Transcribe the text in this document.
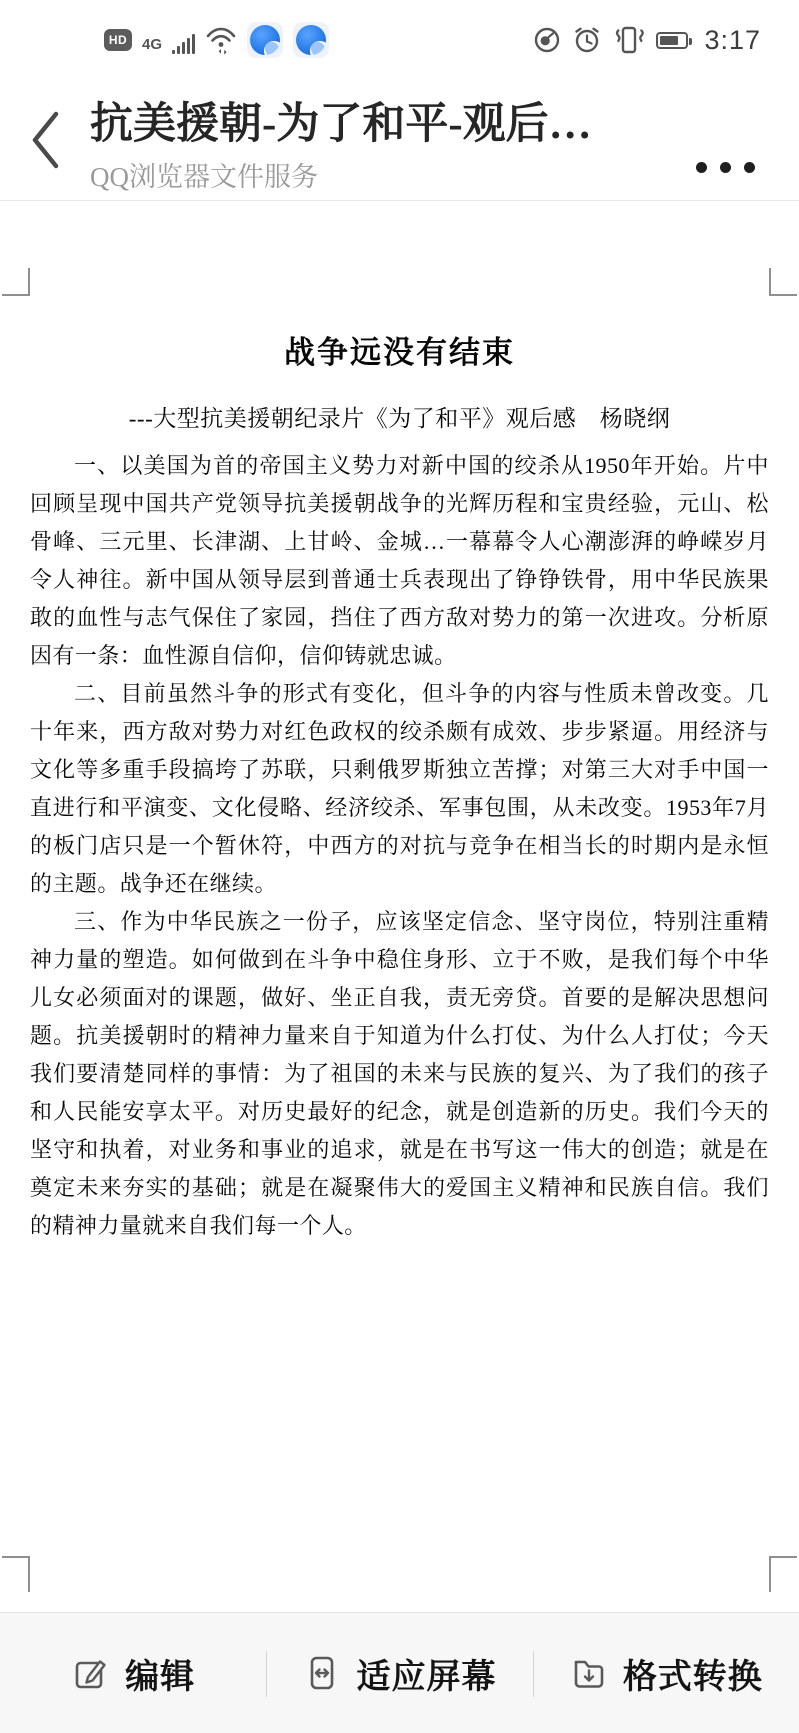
HD 4G	3:17
抗美援朝-为了和平-观后…
QQ浏览器文件服务
战争远没有结束
---大型抗美援朝纪录片《为了和平》观后感　杨晓纲

一、以美国为首的帝国主义势力对新中国的绞杀从1950年开始。片中回顾呈现中国共产党领导抗美援朝战争的光辉历程和宝贵经验，元山、松骨峰、三元里、长津湖、上甘岭、金城…一幕幕令人心潮澎湃的峥嵘岁月令人神往。新中国从领导层到普通士兵表现出了铮铮铁骨，用中华民族果敢的血性与志气保住了家园，挡住了西方敌对势力的第一次进攻。分析原因有一条：血性源自信仰，信仰铸就忠诚。

二、目前虽然斗争的形式有变化，但斗争的内容与性质未曾改变。几十年来，西方敌对势力对红色政权的绞杀颇有成效、步步紧逼。用经济与文化等多重手段搞垮了苏联，只剩俄罗斯独立苦撑；对第三大对手中国一直进行和平演变、文化侵略、经济绞杀、军事包围，从未改变。1953年7月的板门店只是一个暂休符，中西方的对抗与竞争在相当长的时期内是永恒的主题。战争还在继续。

三、作为中华民族之一份子，应该坚定信念、坚守岗位，特别注重精神力量的塑造。如何做到在斗争中稳住身形、立于不败，是我们每个中华儿女必须面对的课题，做好、坐正自我，责无旁贷。首要的是解决思想问题。抗美援朝时的精神力量来自于知道为什么打仗、为什么人打仗；今天我们要清楚同样的事情：为了祖国的未来与民族的复兴、为了我们的孩子和人民能安享太平。对历史最好的纪念，就是创造新的历史。我们今天的坚守和执着，对业务和事业的追求，就是在书写这一伟大的创造；就是在奠定未来夯实的基础；就是在凝聚伟大的爱国主义精神和民族自信。我们的精神力量就来自我们每一个人。

编辑	适应屏幕	格式转换
